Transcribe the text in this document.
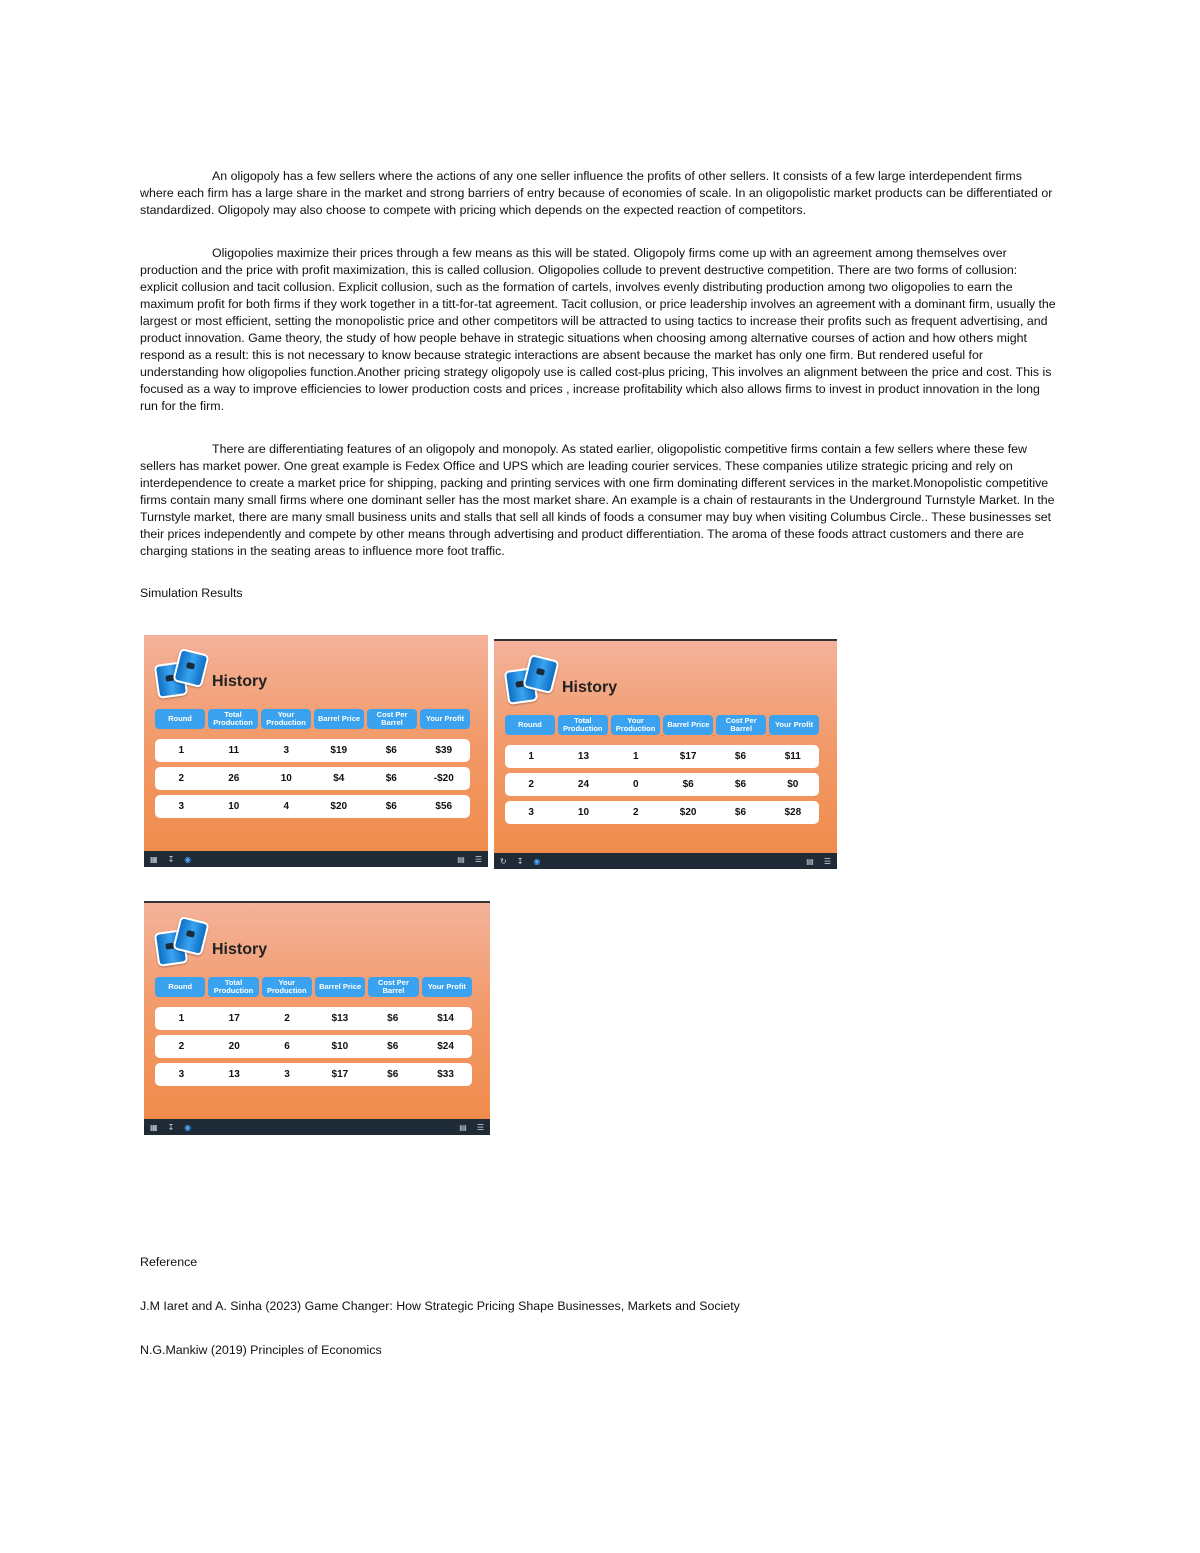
An oligopoly has a few sellers where the actions of any one seller influence the profits of other sellers. It consists of a few large interdependent firms where each firm has a large share in the market and strong barriers of entry because of economies of scale. In an oligopolistic market products can be differentiated or standardized. Oligopoly may also choose to compete with pricing which depends on the expected reaction of competitors.

Oligopolies maximize their prices through a few means as this will be stated. Oligopoly firms come up with an agreement among themselves over production and the price with profit maximization, this is called collusion. Oligopolies collude to prevent destructive competition. There are two forms of collusion: explicit collusion and tacit collusion. Explicit collusion, such as the formation of cartels, involves evenly distributing production among two oligopolies to earn the maximum profit for both firms if they work together in a titt-for-tat agreement. Tacit collusion, or price leadership involves an agreement with a dominant firm, usually the largest or most efficient, setting the monopolistic price and other competitors will be attracted to using tactics to increase their profits such as frequent advertising, and product innovation. Game theory, the study of how people behave in strategic situations when choosing among alternative courses of action and how others might respond as a result: this is not necessary to know because strategic interactions are absent because the market has only one firm. But rendered useful for understanding how oligopolies function.Another pricing strategy oligopoly use is called cost-plus pricing, This involves an alignment between the price and cost. This is focused as a way to improve efficiencies to lower production costs and prices , increase profitability which also allows firms to invest in product innovation in the long run for the firm.

There are differentiating features of an oligopoly and monopoly. As stated earlier, oligopolistic competitive firms contain a few sellers where these few sellers has market power. One great example is Fedex Office and UPS which are leading courier services. These companies utilize strategic pricing and rely on interdependence to create a market price for shipping, packing and printing services with one firm dominating different services in the market.Monopolistic competitive firms contain many small firms where one dominant seller has the most market share. An example is a chain of restaurants in the Underground Turnstyle Market. In the Turnstyle market, there are many small business units and stalls that sell all kinds of foods a consumer may buy when visiting Columbus Circle.. These businesses set their prices independently and compete by other means through advertising and product differentiation. The aroma of these foods attract customers and there are charging stations in the seating areas to influence more foot traffic.

Simulation Results

History
Round	Total Production
Your Production	Barrel Price	Cost Per Barrel	Your Profit
1	11	3	$19	$6	$39
2	26	10	$4	$6	-$20
3	10	4	$20	$6	$56
▦ ↧ ◉	▤ ☰
History
Round	Total Production
Your Production	Barrel Price	Cost Per Barrel	Your Profit
1	13	1	$17	$6	$11
2	24	0	$6	$6	$0
3	10	2	$20	$6	$28
↻ ↧ ◉	▤ ☰
History
Round	Total Production
Your Production	Barrel Price	Cost Per Barrel	Your Profit
1	17	2	$13	$6	$14
2	20	6	$10	$6	$24
3	13	3	$17	$6	$33
▦ ↧ ◉	▤ ☰
Reference
J.M Iaret and A. Sinha (2023) Game Changer: How Strategic Pricing Shape Businesses, Markets and Society
N.G.Mankiw (2019) Principles of Economics
